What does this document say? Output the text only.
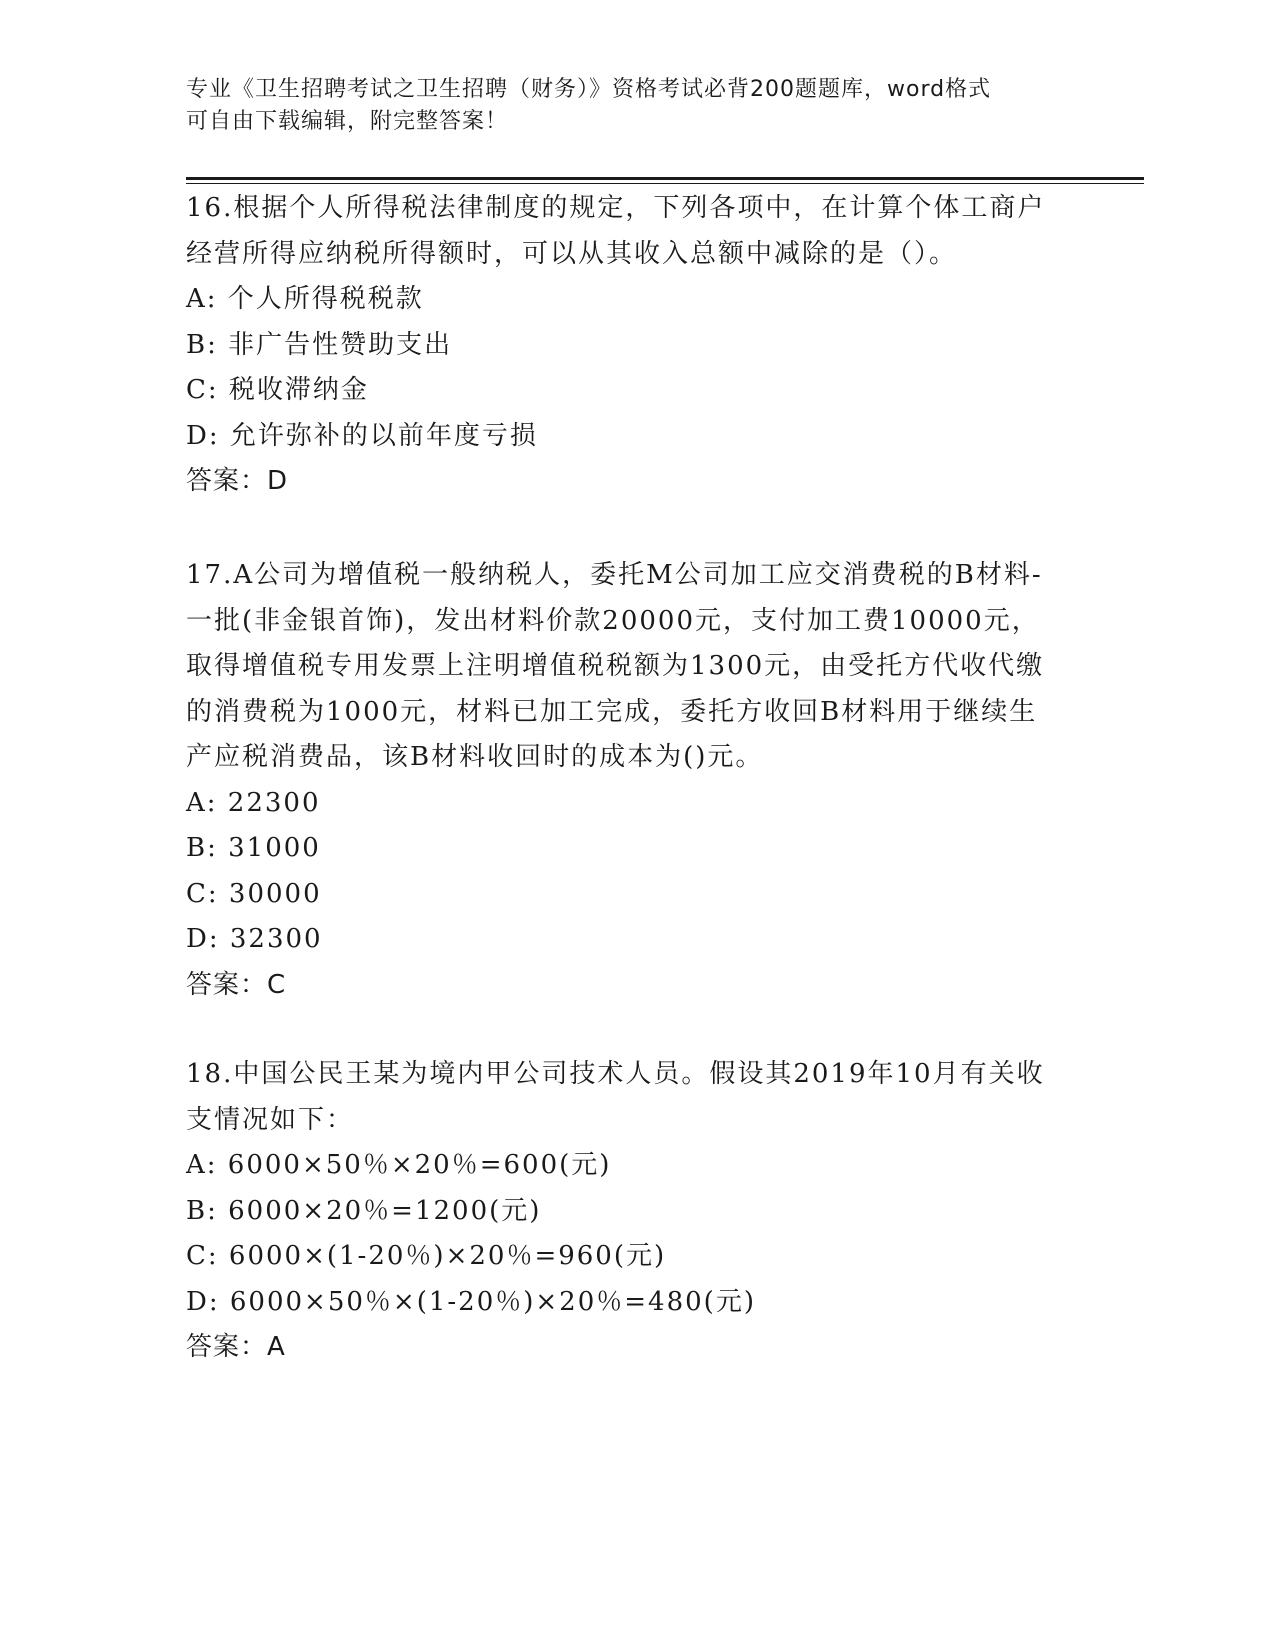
专业《卫生招聘考试之卫生招聘（财务）》资格考试必背200题题库，word格式
可自由下载编辑，附完整答案！
16.根据个人所得税法律制度的规定，下列各项中，在计算个体工商户
经营所得应纳税所得额时，可以从其收入总额中减除的是（）。
A: 个人所得税税款
B: 非广告性赞助支出
C: 税收滞纳金
D: 允许弥补的以前年度亏损
答案：D
17.A公司为增值税一般纳税人，委托M公司加工应交消费税的B材料-
一批(非金银首饰)，发出材料价款20000元，支付加工费10000元，
取得增值税专用发票上注明增值税税额为1300元，由受托方代收代缴
的消费税为1000元，材料已加工完成，委托方收回B材料用于继续生
产应税消费品，该B材料收回时的成本为()元。
A: 22300
B: 31000
C: 30000
D: 32300
答案：C
18.中国公民王某为境内甲公司技术人员。假设其2019年10月有关收
支情况如下：
A: 6000×50％×20％=600(元)
B: 6000×20％=1200(元)
C: 6000×(1-20％)×20％=960(元)
D: 6000×50％×(1-20％)×20％=480(元)
答案：A
